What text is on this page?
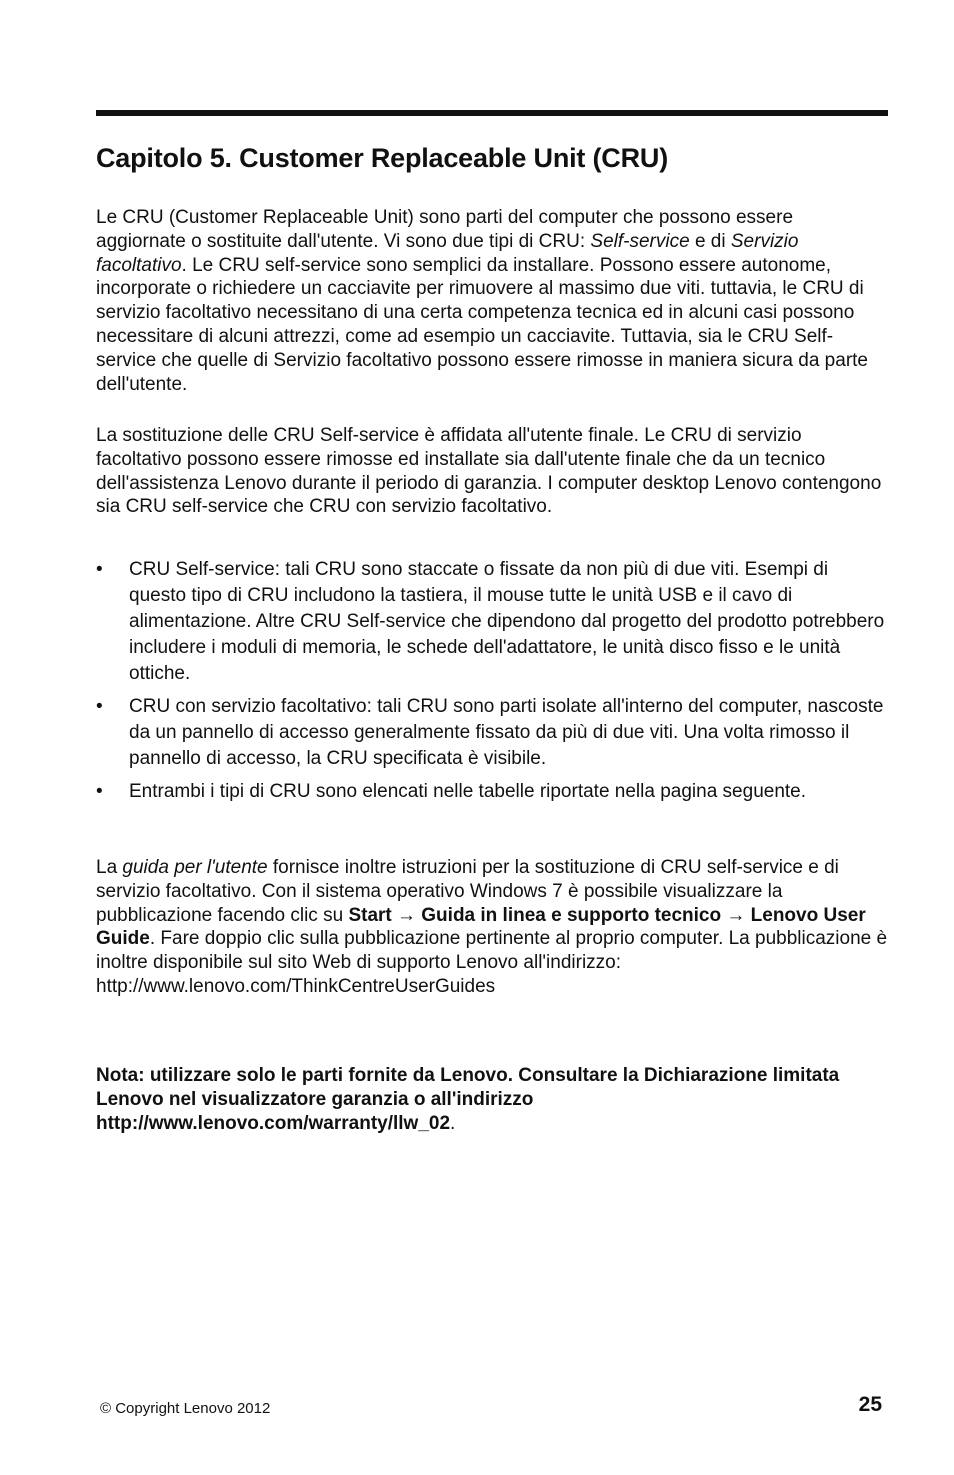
Capitolo 5. Customer Replaceable Unit (CRU)

Le CRU (Customer Replaceable Unit) sono parti del computer che possono essere aggiornate o sostituite dall'utente. Vi sono due tipi di CRU: Self-service e di Servizio facoltativo. Le CRU self-service sono semplici da installare. Possono essere autonome, incorporate o richiedere un cacciavite per rimuovere al massimo due viti. tuttavia, le CRU di servizio facoltativo necessitano di una certa competenza tecnica ed in alcuni casi possono necessitare di alcuni attrezzi, come ad esempio un cacciavite. Tuttavia, sia le CRU Self-service che quelle di Servizio facoltativo possono essere rimosse in maniera sicura da parte dell'utente.

La sostituzione delle CRU Self-service è affidata all'utente finale. Le CRU di servizio facoltativo possono essere rimosse ed installate sia dall'utente finale che da un tecnico dell'assistenza Lenovo durante il periodo di garanzia. I computer desktop Lenovo contengono sia CRU self-service che CRU con servizio facoltativo.

• CRU Self-service: tali CRU sono staccate o fissate da non più di due viti. Esempi di questo tipo di CRU includono la tastiera, il mouse tutte le unità USB e il cavo di alimentazione. Altre CRU Self-service che dipendono dal progetto del prodotto potrebbero includere i moduli di memoria, le schede dell'adattatore, le unità disco fisso e le unità ottiche.
• CRU con servizio facoltativo: tali CRU sono parti isolate all'interno del computer, nascoste da un pannello di accesso generalmente fissato da più di due viti. Una volta rimosso il pannello di accesso, la CRU specificata è visibile.
• Entrambi i tipi di CRU sono elencati nelle tabelle riportate nella pagina seguente.

La guida per l'utente fornisce inoltre istruzioni per la sostituzione di CRU self-service e di servizio facoltativo. Con il sistema operativo Windows 7 è possibile visualizzare la pubblicazione facendo clic su Start → Guida in linea e supporto tecnico → Lenovo User Guide. Fare doppio clic sulla pubblicazione pertinente al proprio computer. La pubblicazione è inoltre disponibile sul sito Web di supporto Lenovo all'indirizzo:
http://www.lenovo.com/ThinkCentreUserGuides

Nota: utilizzare solo le parti fornite da Lenovo. Consultare la Dichiarazione limitata Lenovo nel visualizzatore garanzia o all'indirizzo http://www.lenovo.com/warranty/llw_02.

© Copyright Lenovo 2012	25
